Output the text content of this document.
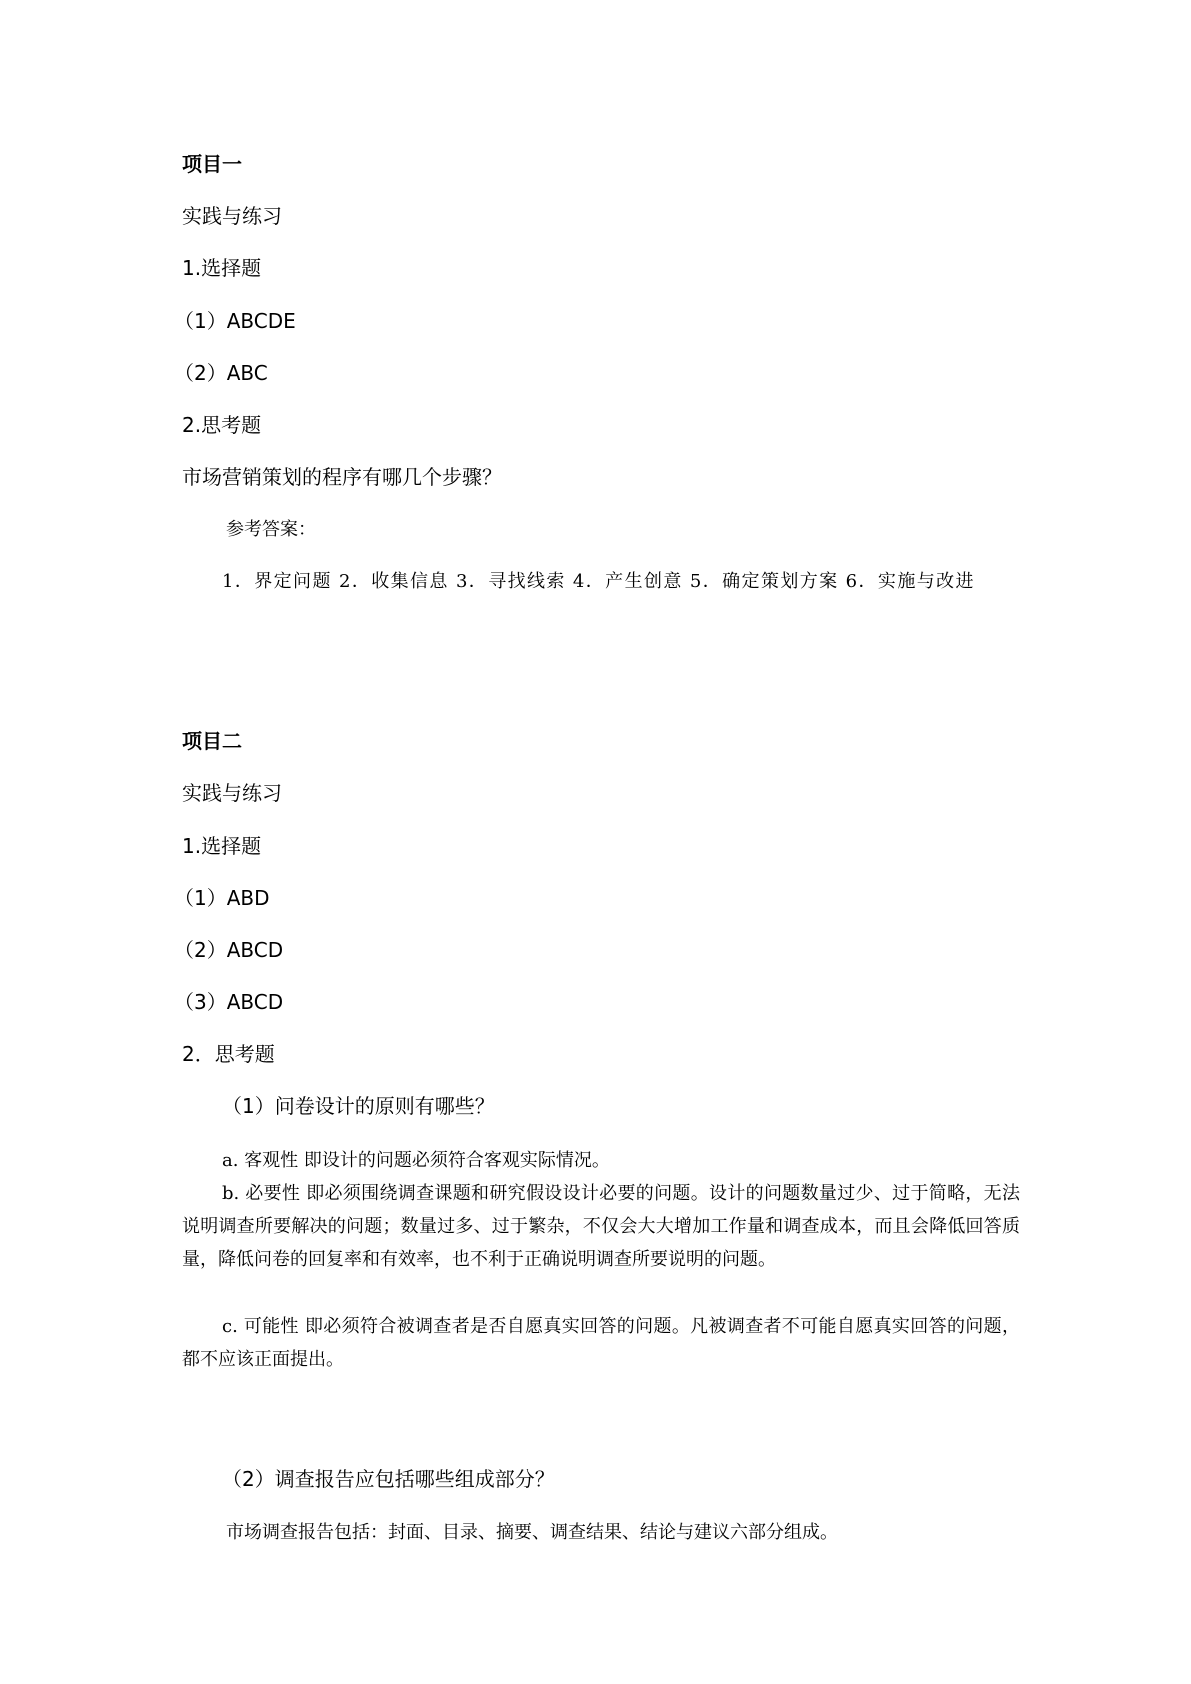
项目一
实践与练习
1.选择题
（1）ABCDE
（2）ABC
2.思考题
市场营销策划的程序有哪几个步骤？
参考答案：
1．界定问题 2．收集信息 3．寻找线索 4．产生创意 5．确定策划方案 6．实施与改进
项目二
实践与练习
1.选择题
（1）ABD
（2）ABCD
（3）ABCD
2．思考题
（1）问卷设计的原则有哪些？
a. 客观性 即设计的问题必须符合客观实际情况。
b. 必要性 即必须围绕调查课题和研究假设设计必要的问题。设计的问题数量过少、过于简略，无法说明调查所要解决的问题；数量过多、过于繁杂，不仅会大大增加工作量和调查成本，而且会降低回答质量，降低问卷的回复率和有效率，也不利于正确说明调查所要说明的问题。
c. 可能性 即必须符合被调查者是否自愿真实回答的问题。凡被调查者不可能自愿真实回答的问题，都不应该正面提出。
（2）调查报告应包括哪些组成部分？
市场调查报告包括：封面、目录、摘要、调查结果、结论与建议六部分组成。
